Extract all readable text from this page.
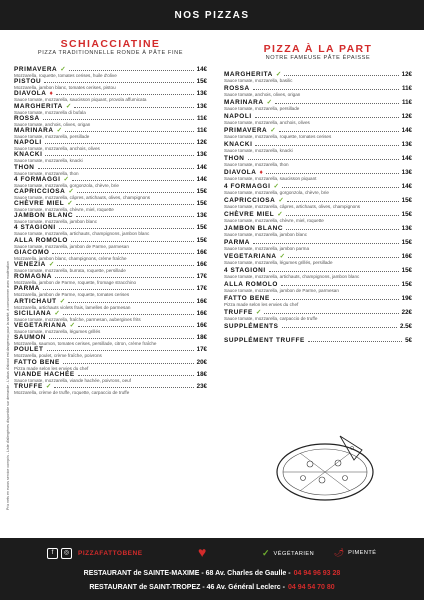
NOS PIZZAS
Prix nets en euros service compris - Liste d'allergènes disponible sur demande - L'abus d'alcool est dangereux pour la santé, à consommer avec modération
SCHIACCIATINE
PIZZA TRADITIONNELLE RONDE À PÂTE FINE
PRIMAVERA ✓	14€
Mozzarella, roquette, tomates cerises, huile d'olive
PISTOU	15€
Mozzarella, jambon blanc, tomates cerises, pistou
DIAVOLA ♦	13€
Sauce tomate, mozzarella, saucisson piquant, provola affumicata
MARGHERITA ✓	13€
Sauce tomate, mozzarella di bufala
ROSSA	11€
Sauce tomate, anchois, olives, origan
MARINARA ✓	11€
Sauce tomate, mozzarella, persillade
NAPOLI	12€
Sauce tomate, mozzarella, anchois, olives
KNACKI	13€
Sauce tomate, mozzarella, knacki
THON	14€
Sauce tomate, mozzarella, thon
4 FORMAGGI ✓	14€
Sauce tomate, mozzarella, gorgonzola, chèvre, brie
CAPRICCIOSA ✓	15€
Sauce tomate, mozzarella, câpres, artichauts, olives, champignons
CHÈVRE MIEL ✓	15€
Sauce tomate, mozzarella, chèvre, miel, roquette
JAMBON BLANC	13€
Sauce tomate, mozzarella, jambon blanc
4 STAGIONI	15€
Sauce tomate, mozzarella, artichauts, champignons, jambon blanc
ALLA ROMOLO	15€
Sauce tomate, mozzarella, jambon de Parme, parmesan
GIACOMO	16€
Mozzarella, jambon blanc, champignons, crème fraîche
VENEZIA ✓	16€
Sauce tomate, mozzarella, burrata, roquette, persillade
ROMAGNA	17€
Mozzarella, jambon de Parme, roquette, fromage stracchino
PARMA	17€
Mozzarella, jambon de Parme, roquette, tomates cerises
ARTICHAUT ✓	16€
Mozzarella, artichauts violets frais, lamelles de parmesan
SICILIANA ✓	16€
Sauce tomate, mozzarella, fraîche, parmesan, aubergines frits
VEGETARIANA ✓	16€
Sauce tomate, mozzarella, légumes grillés
SAUMON	18€
Mozzarella, saumon, tomates cerises, persillade, citron, crème fraîche
POULET	17€
Mozzarella, poulet, crème fraîche, poivrons
FATTO BENE	20€
Pizza made selon les envies du chef
VIANDE HACHÉE	18€
Sauce tomate, mozzarella, viande hachée, poivrons, oeuf
TRUFFE ✓	23€
Mozzarella, crème de truffe, roquette, carpaccio de truffe
PIZZA À LA PART
NOTRE FAMEUSE PÂTE ÉPAISSE
MARGHERITA ✓	12€
Sauce tomate, mozzarella, basilic
ROSSA	11€
Sauce tomate, anchois, olives, origan
MARINARA ✓	11€
Sauce tomate, mozzarella, persillade
NAPOLI	12€
Sauce tomate, mozzarella, anchois, olives
PRIMAVERA ✓	14€
Sauce tomate, mozzarella, roquette, tomates cerises
KNACKI	13€
Sauce tomate, mozzarella, knacki
THON	14€
Sauce tomate, mozzarella, thon
DIAVOLA ♦	13€
Sauce tomate, mozzarella, saucisson piquant
4 FORMAGGI ✓	14€
Sauce tomate, mozzarella, gorgonzola, chèvre, brie
CAPRICCIOSA ✓	15€
Sauce tomate, mozzarella, câpres, artichauts, olives, champignons
CHÈVRE MIEL ✓	15€
Sauce tomate, mozzarella, chèvre, miel, roquette
JAMBON BLANC	13€
Sauce tomate, mozzarella, jambon blanc
PARMA	15€
Sauce tomate, mozzarella, jambon parma
VEGETARIANA ✓	16€
Sauce tomate, mozzarella, légumes grillés, persillade
4 STAGIONI	15€
Sauce tomate, mozzarella, artichauts, champignons, jambon blanc
ALLA ROMOLO	15€
Sauce tomate, mozzarella, jambon de Parme, parmesan
FATTO BENE	19€
Pizza made selon les envies du chef
TRUFFE ✓	22€
Sauce tomate, mozzarella, carpaccio de truffe
SUPPLÉMENTS	2.5€
SUPPLÉMENT TRUFFE	5€
f	◎	PIZZAFATTOBENE	♥	✓ VÉGÉTARIEN 🌶 PIMENTÉ
RESTAURANT de SAINTE-MAXIME - 68 Av. Charles de Gaulle - 04 94 96 93 28
RESTAURANT de SAINT-TROPEZ - 46 Av. Général Leclerc - 04 94 54 70 80
